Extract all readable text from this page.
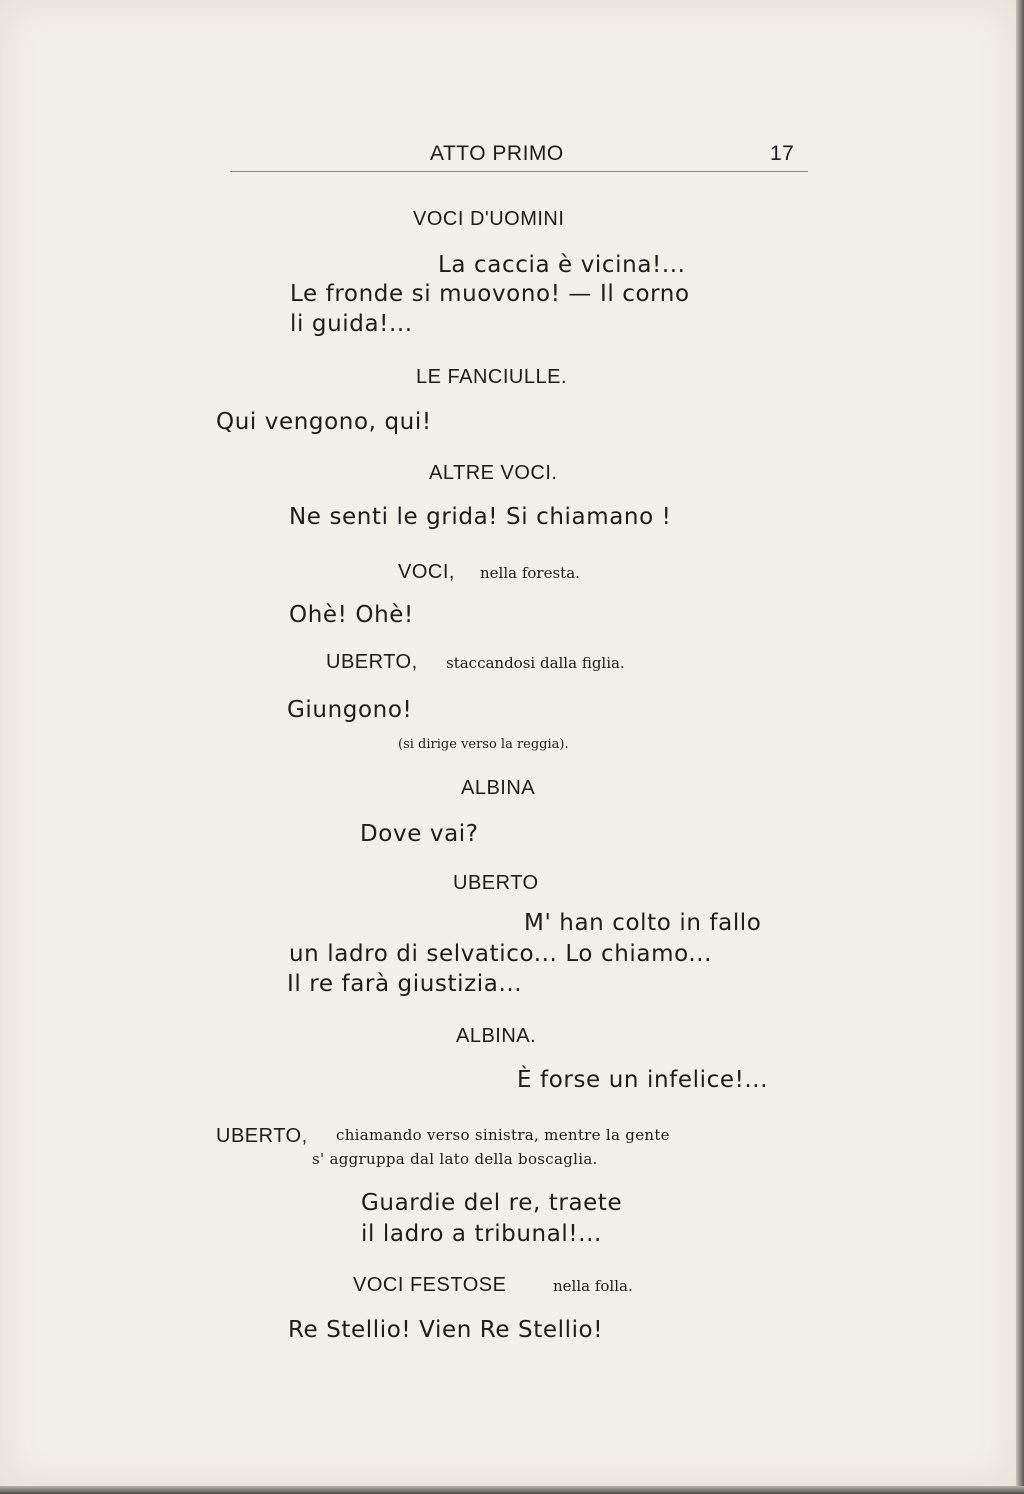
ATTO PRIMO	17
VOCI D'UOMINI
La caccia è vicina!...
Le fronde si muovono! — Il corno
li guida!...
LE FANCIULLE.
Qui vengono, qui!
ALTRE VOCI.
Ne senti le grida! Si chiamano !
VOCI, nella foresta.
Ohè! Ohè!
UBERTO, staccandosi dalla figlia.
Giungono!
(si dirige verso la reggia).
ALBINA
Dove vai?
UBERTO
M' han colto in fallo
un ladro di selvatico... Lo chiamo...
Il re farà giustizia...
ALBINA.
È forse un infelice!...
UBERTO, chiamando verso sinistra, mentre la gente
s' aggruppa dal lato della boscaglia.
Guardie del re, traete
il ladro a tribunal!...
VOCI FESTOSE	nella folla.
Re Stellio! Vien Re Stellio!
